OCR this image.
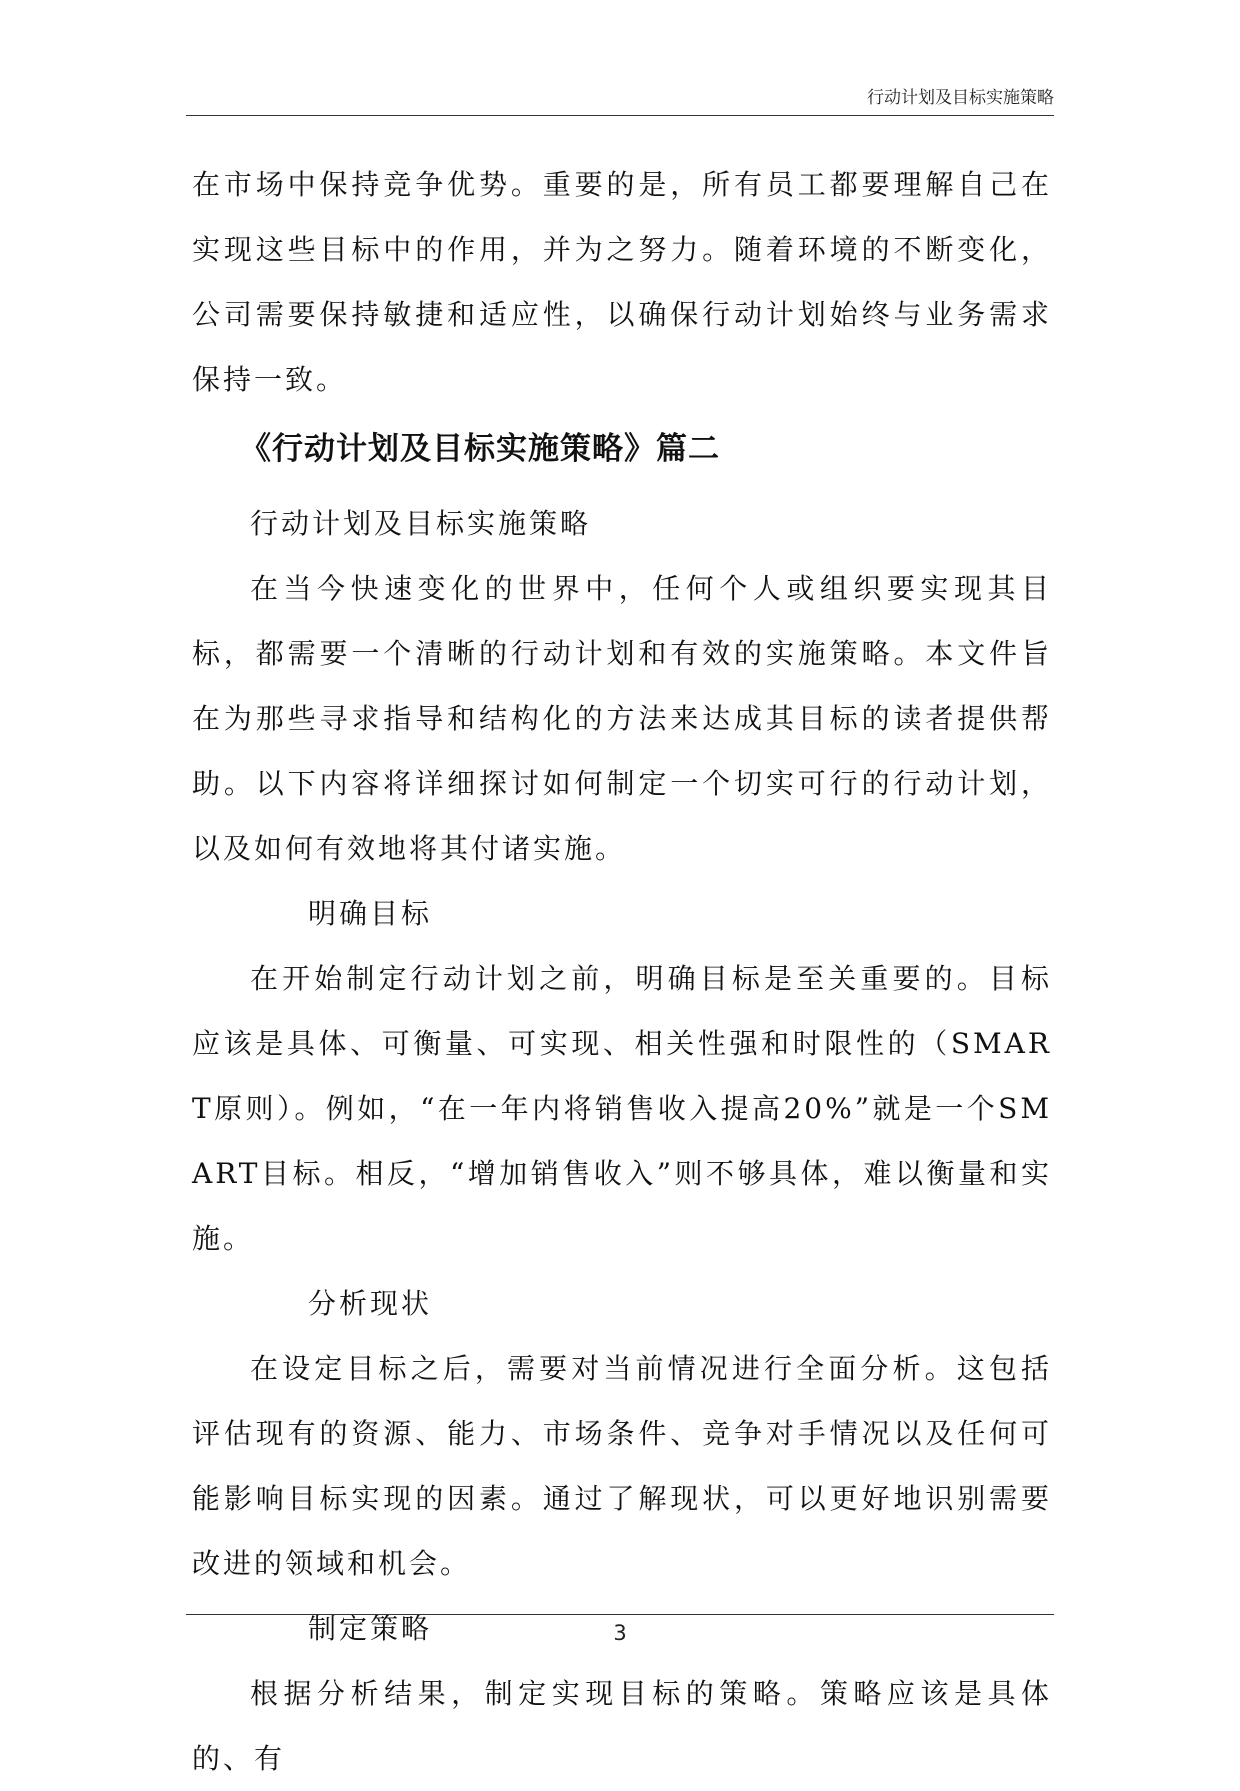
行动计划及目标实施策略

在市场中保持竞争优势。重要的是，所有员工都要理解自己在实现这些目标中的作用，并为之努力。随着环境的不断变化，公司需要保持敏捷和适应性，以确保行动计划始终与业务需求保持一致。

《行动计划及目标实施策略》篇二

行动计划及目标实施策略

在当今快速变化的世界中，任何个人或组织要实现其目标，都需要一个清晰的行动计划和有效的实施策略。本文件旨在为那些寻求指导和结构化的方法来达成其目标的读者提供帮助。以下内容将详细探讨如何制定一个切实可行的行动计划，以及如何有效地将其付诸实施。

明确目标

在开始制定行动计划之前，明确目标是至关重要的。目标应该是具体、可衡量、可实现、相关性强和时限性的（SMART原则）。例如，“在一年内将销售收入提高20%”就是一个SMART目标。相反，“增加销售收入”则不够具体，难以衡量和实施。

分析现状

在设定目标之后，需要对当前情况进行全面分析。这包括评估现有的资源、能力、市场条件、竞争对手情况以及任何可能影响目标实现的因素。通过了解现状，可以更好地识别需要改进的领域和机会。

制定策略

根据分析结果，制定实现目标的策略。策略应该是具体的、有

3
